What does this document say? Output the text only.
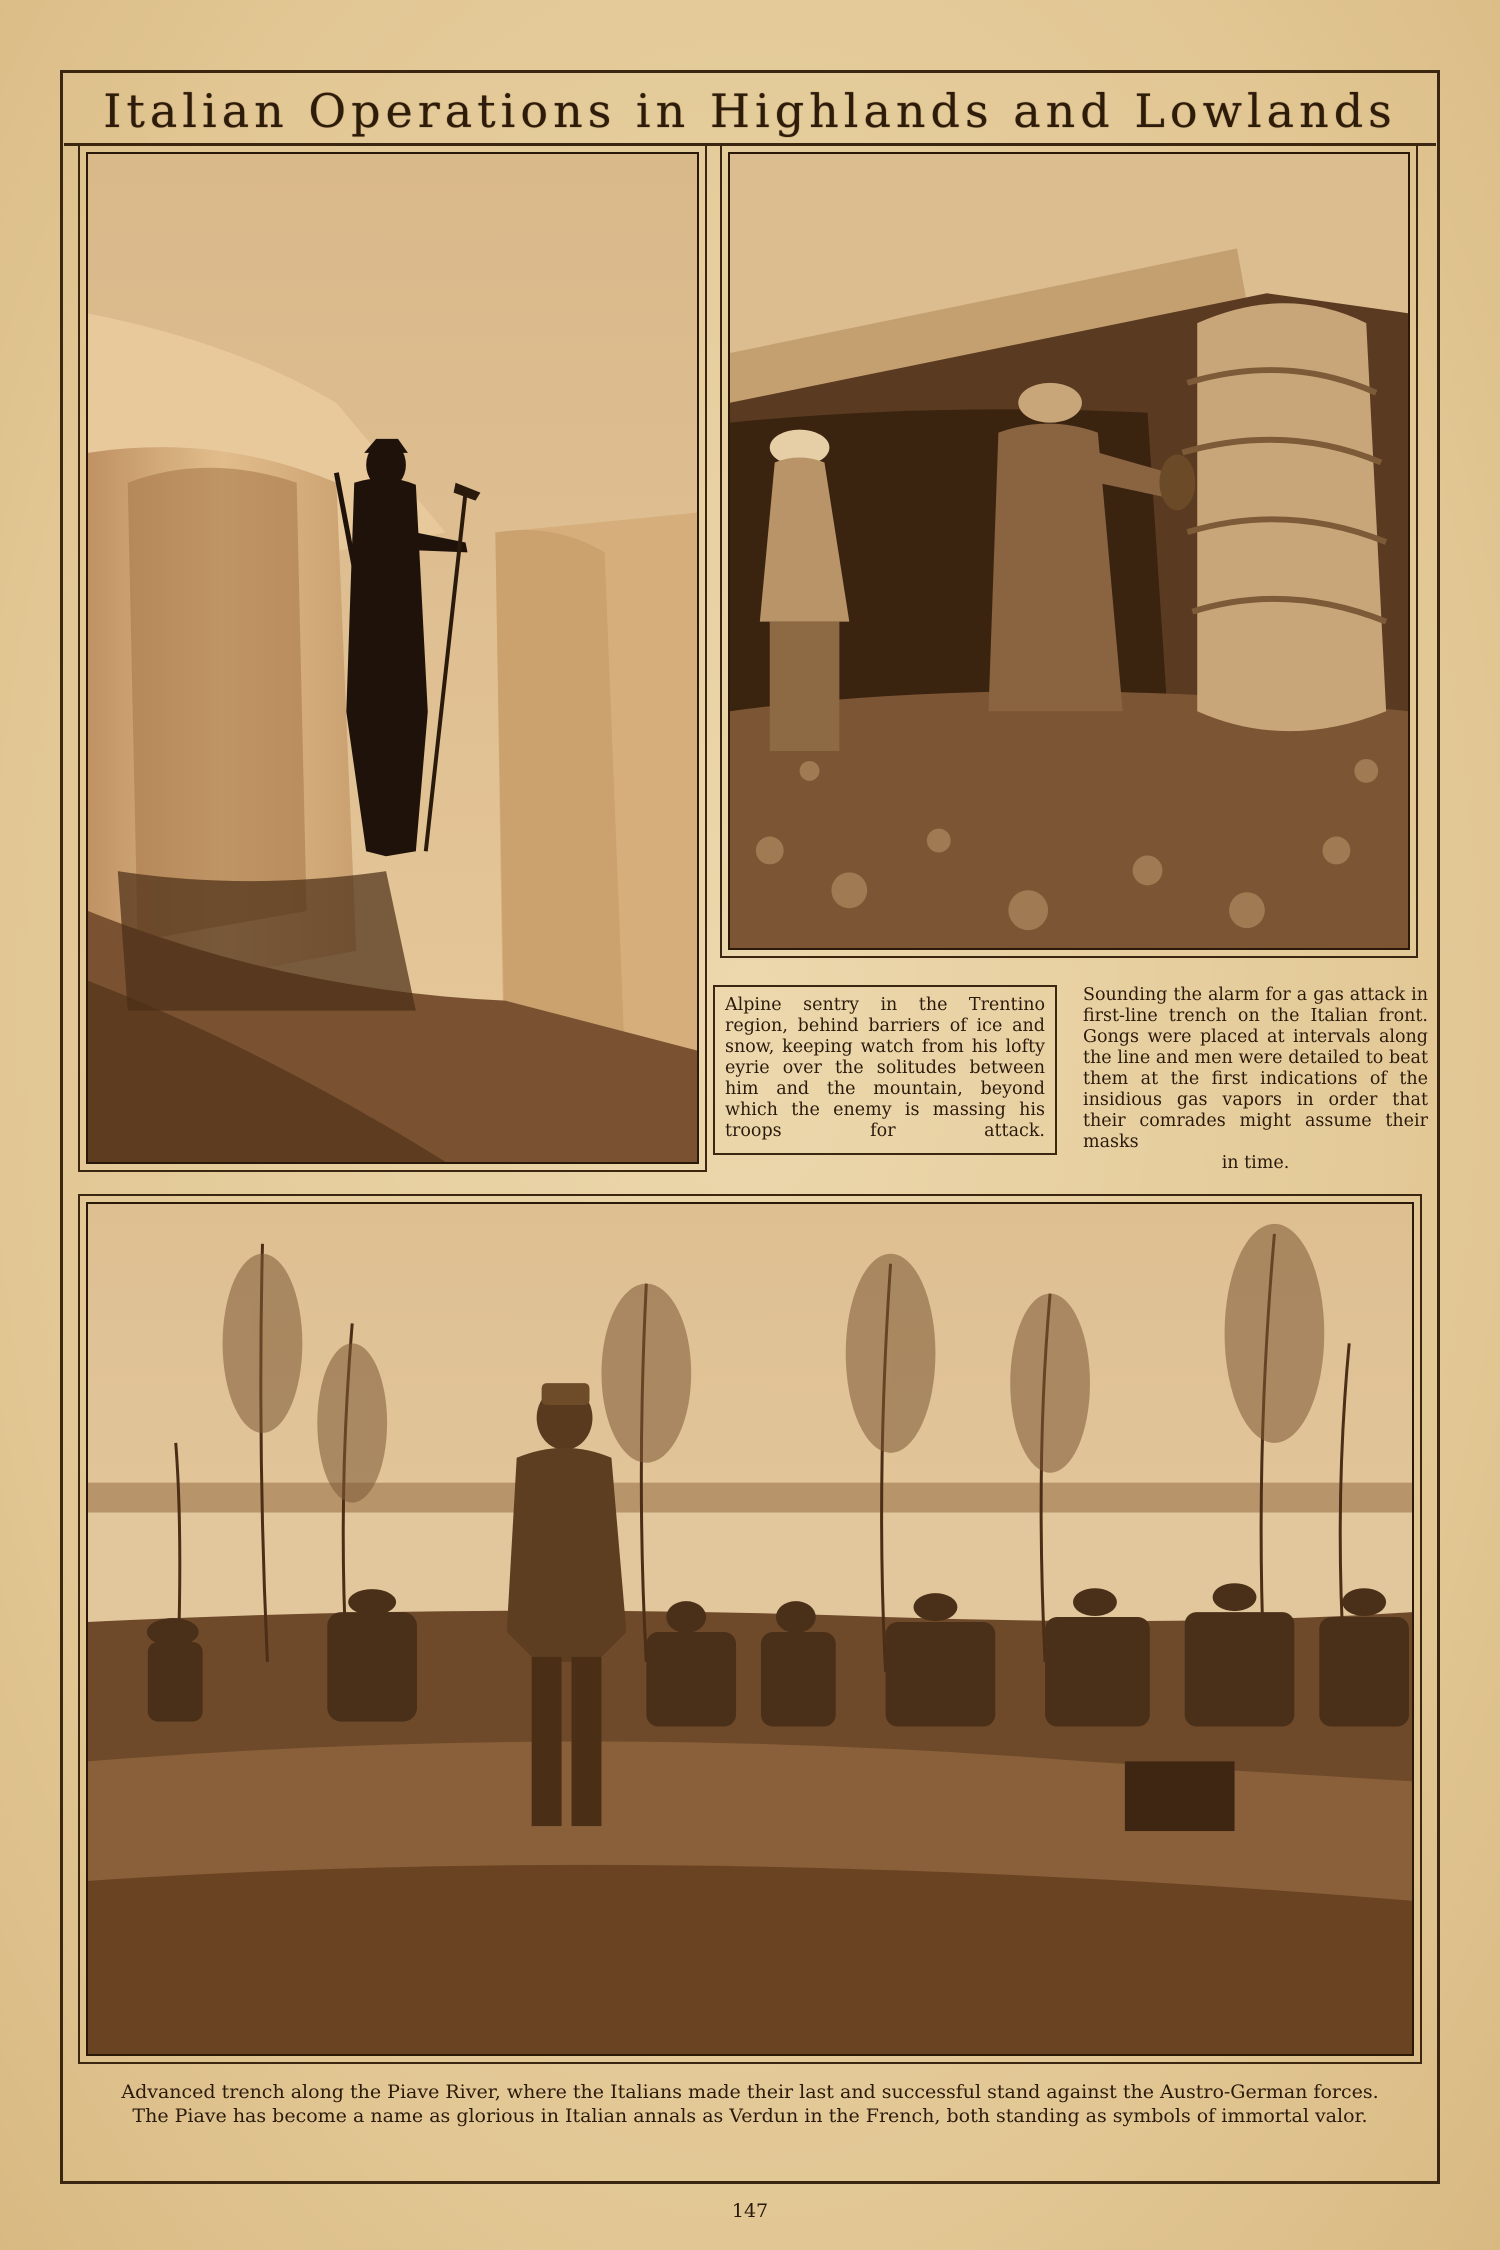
Italian Operations in Highlands and Lowlands

Alpine sentry in the Trentino region, behind barriers of ice and snow, keeping watch from his lofty eyrie over the solitudes between him and the mountain, beyond which the enemy is massing his troops for attack.

Sounding the alarm for a gas attack in first-line trench on the Italian front. Gongs were placed at intervals along the line and men were detailed to beat them at the first indications of the insidious gas vapors in order that their comrades might assume their masks
in time.

Advanced trench along the Piave River, where the Italians made their last and successful stand against the Austro-German forces.
The Piave has become a name as glorious in Italian annals as Verdun in the French, both standing as symbols of immortal valor.

147
